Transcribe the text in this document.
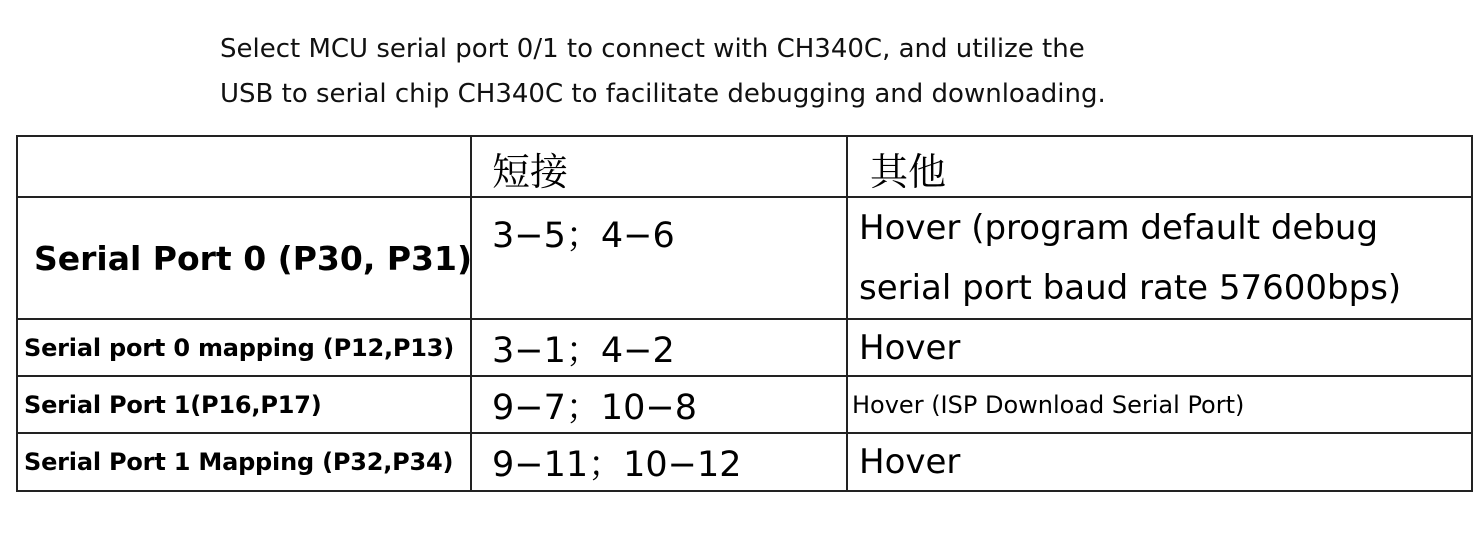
Select MCU serial port 0/1 to connect with CH340C, and utilize the

USB to serial chip CH340C to facilitate debugging and downloading.

	短接	其他
Serial Port 0 (P30, P31)	3−5；4−6	Hover (program default debug
serial port baud rate 57600bps)

Serial port 0 mapping (P12,P13)	3−1；4−2	Hover
Serial Port 1(P16,P17)	9−7；10−8	Hover (ISP Download Serial Port)
Serial Port 1 Mapping (P32,P34)	9−11；10−12	Hover
